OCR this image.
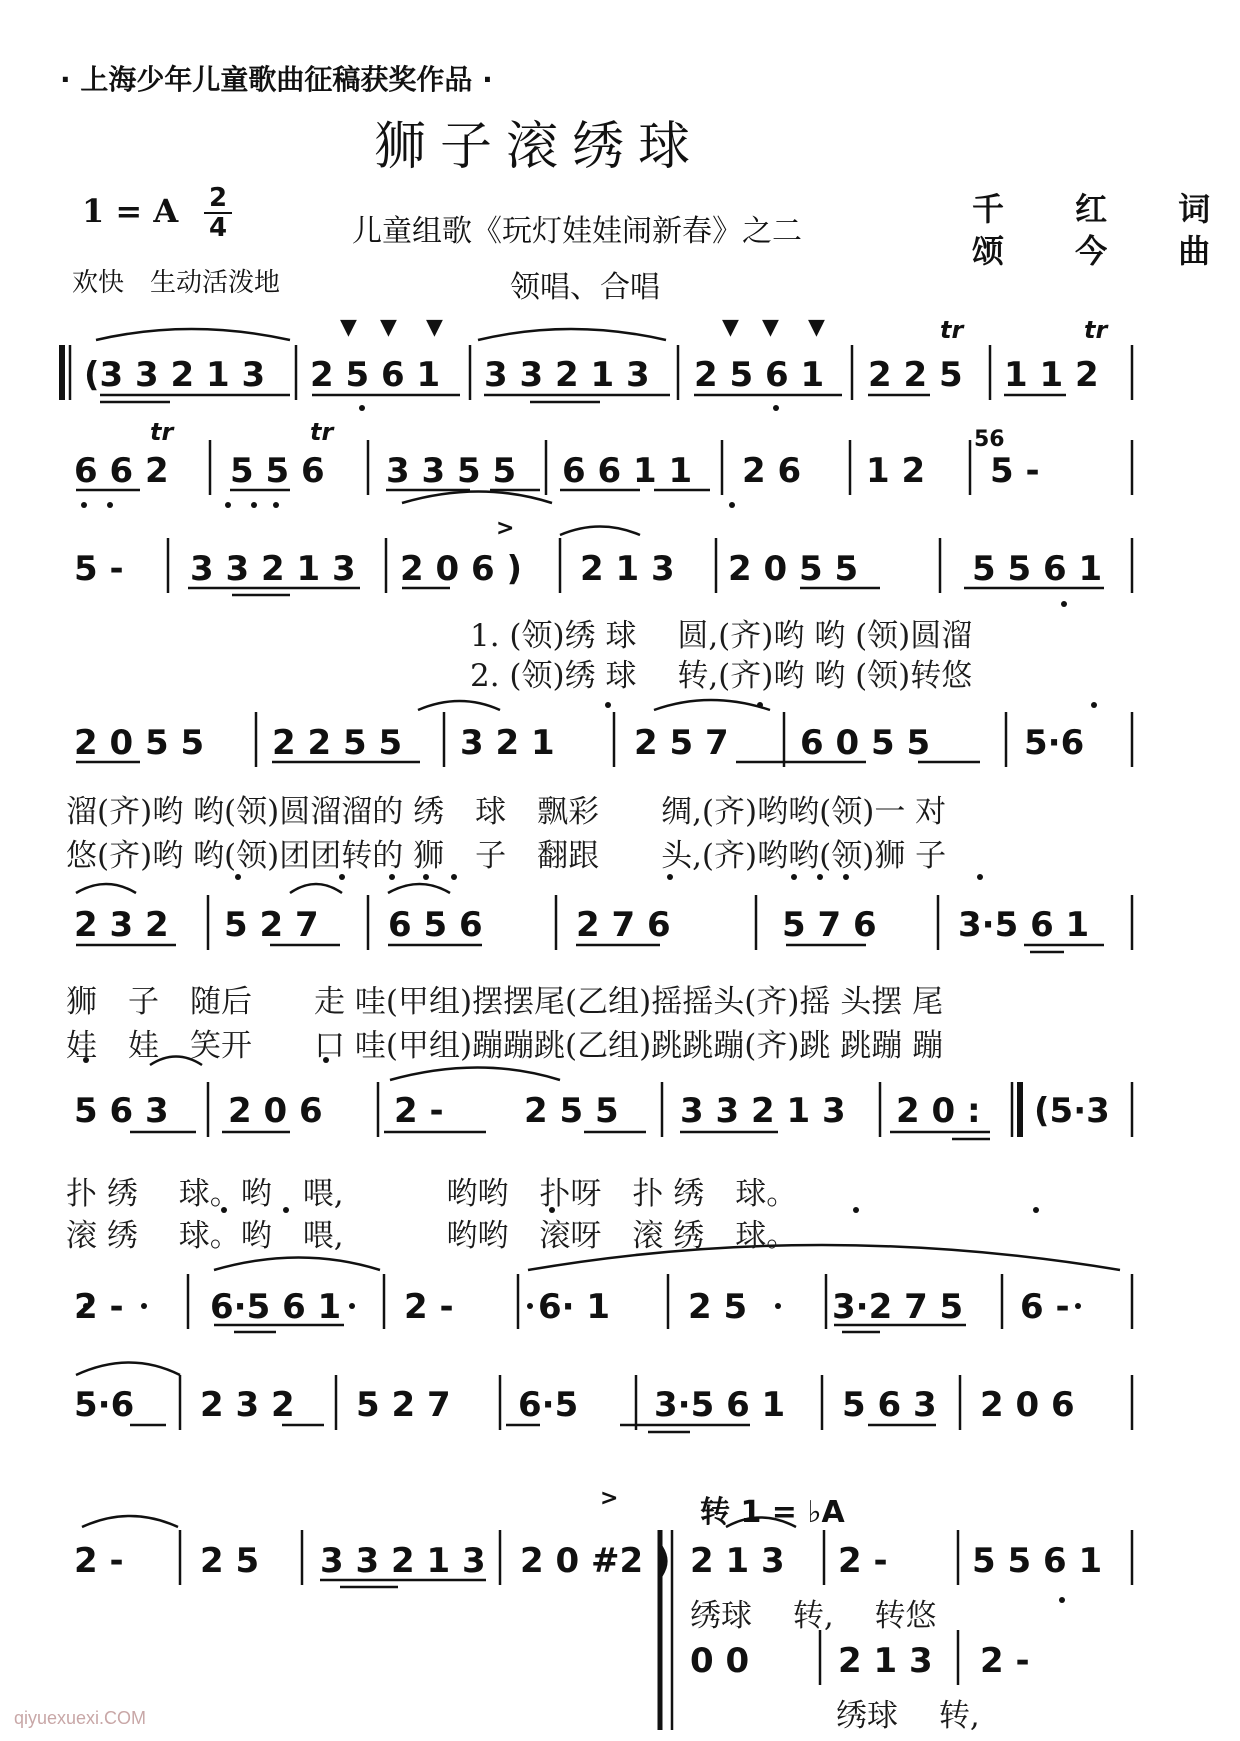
· 上海少年儿童歌曲征稿获奖作品 ·
狮子滚绣球
1 = A $\frac{2}{4}$	儿童组歌《玩灯娃娃闹新春》之二
千 红 词
颂 今 曲
欢快　生动活泼地	领唱、合唱
(3 3 2 1 3 2 5 6 1 3 3 2 1 3 2 5 6 1 2 2 5 1 1 2
6 6 2 5 5 6 3 3 5 5 6 6 1 1 2 6 1 2 5 -
5 - 3 3 2 1 3 2 0 6 ) 2 1 3 2 0 5 5	5 5 6 1
2 0 5 5 2 2 5 5 3 2 1 2 5 7 6 0 5 5	5·6
2 3 2 5 2 7 6 5 6	2 7 6	5 7 6 3·5 6 1
5 6 3 2 0 6 2 - 2 5 5 3 3 2 1 3 2 0 : (5·3
2 -	6·5 6 1 2 - 6· 1 2 5 3·2 7 5 6 -
5·6 2 3 2 5 2 7 6·5 3·5 6 1 5 6 3 2 0 6
2 - 2 5 3 3 2 1 3 2 0 #2 ) 2 1 3 2 - 5 5 6 1
0 0	2 1 3 2 -
tr	tr
tr	tr	56
▼ ▼ ▼	▼ ▼ ▼
>
>	转 1 = ♭A
1. (领)绣 球　 圆,(齐)哟 哟 (领)圆溜
2. (领)绣 球　 转,(齐)哟 哟 (领)转悠
溜(齐)哟 哟(领)圆溜溜的 绣　球　飘彩　　绸,(齐)哟哟(领)一 对
悠(齐)哟 哟(领)团团转的 狮　子　翻跟　　头,(齐)哟哟(领)狮 子
狮　子　随后　　走 哇(甲组)摆摆尾(乙组)摇摇头(齐)摇 头摆 尾
娃　娃　笑开　　口 哇(甲组)蹦蹦跳(乙组)跳跳蹦(齐)跳 跳蹦 蹦
扑 绣　 球。哟　喂,　　　 哟哟　扑呀　扑 绣　球。
滚 绣　 球。哟　喂,　　　 哟哟　滚呀　滚 绣　球。
绣球　 转,　 转悠
绣球　 转,
qiyuexuexi.COM
